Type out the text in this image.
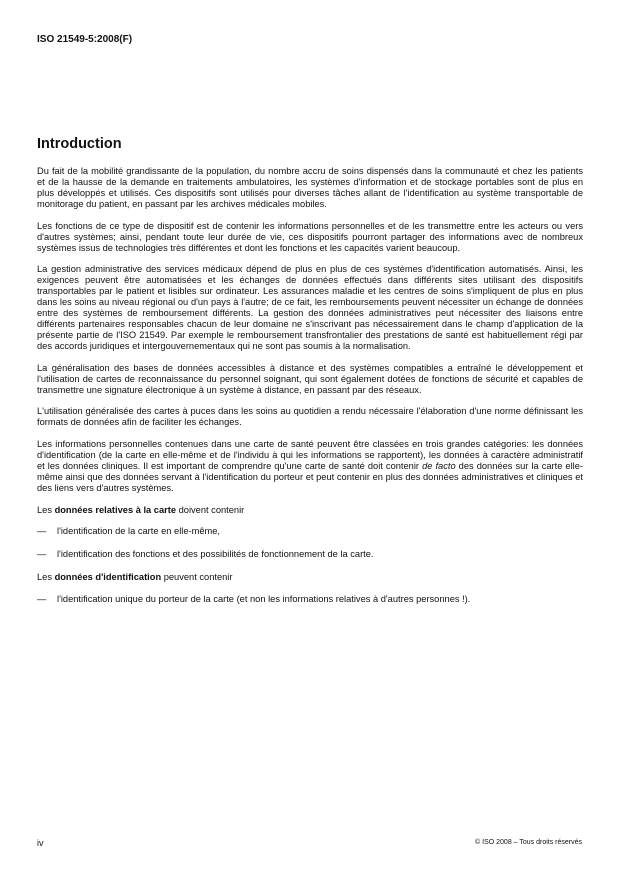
ISO 21549-5:2008(F)
Introduction

Du fait de la mobilité grandissante de la population, du nombre accru de soins dispensés dans la communauté et chez les patients et de la hausse de la demande en traitements ambulatoires, les systèmes d'information et de stockage portables sont de plus en plus développés et utilisés. Ces dispositifs sont utilisés pour diverses tâches allant de l'identification au système transportable de monitorage du patient, en passant par les archives médicales mobiles.

Les fonctions de ce type de dispositif est de contenir les informations personnelles et de les transmettre entre les acteurs ou vers d'autres systèmes; ainsi, pendant toute leur durée de vie, ces dispositifs pourront partager des informations avec de nombreux systèmes issus de technologies très différentes et dont les fonctions et les capacités varient beaucoup.

La gestion administrative des services médicaux dépend de plus en plus de ces systèmes d'identification automatisés. Ainsi, les exigences peuvent être automatisées et les échanges de données effectués dans différents sites utilisant des dispositifs transportables par le patient et lisibles sur ordinateur. Les assurances maladie et les centres de soins s'impliquent de plus en plus dans les soins au niveau régional ou d'un pays à l'autre; de ce fait, les remboursements peuvent nécessiter un échange de données entre des systèmes de remboursement différents. La gestion des données administratives peut nécessiter des liaisons entre différents partenaires responsables chacun de leur domaine ne s'inscrivant pas nécessairement dans le champ d'application de la présente partie de l'ISO 21549. Par exemple le remboursement transfrontalier des prestations de santé est habituellement régi par des accords juridiques et intergouvernementaux qui ne sont pas soumis à la normalisation.

La généralisation des bases de données accessibles à distance et des systèmes compatibles a entraîné le développement et l'utilisation de cartes de reconnaissance du personnel soignant, qui sont également dotées de fonctions de sécurité et capables de transmettre une signature électronique à un système à distance, en passant par des réseaux.

L'utilisation généralisée des cartes à puces dans les soins au quotidien a rendu nécessaire l'élaboration d'une norme définissant les formats de données afin de faciliter les échanges.

Les informations personnelles contenues dans une carte de santé peuvent être classées en trois grandes catégories: les données d'identification (de la carte en elle-même et de l'individu à qui les informations se rapportent), les données à caractère administratif et les données cliniques. Il est important de comprendre qu'une carte de santé doit contenir de facto des données sur la carte elle-même ainsi que des données servant à l'identification du porteur et peut contenir en plus des données administratives et cliniques et des liens vers d'autres systèmes.

Les données relatives à la carte doivent contenir

—	l'identification de la carte en elle-même,
—	l'identification des fonctions et des possibilités de fonctionnement de la carte.

Les données d'identification peuvent contenir

—	l'identification unique du porteur de la carte (et non les informations relatives à d'autres personnes !).
iv	© ISO 2008 – Tous droits réservés
